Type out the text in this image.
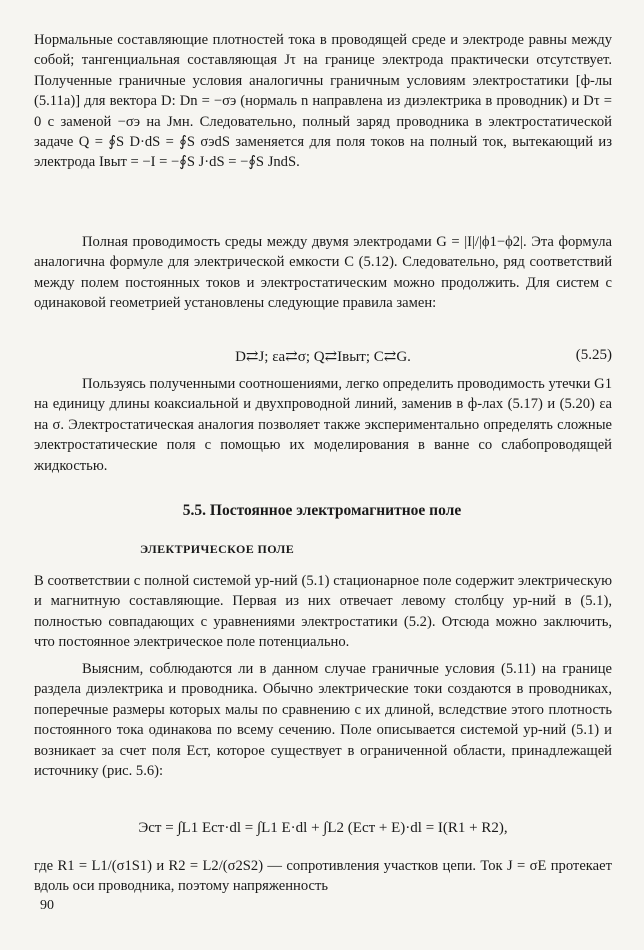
Нормальные составляющие плотностей тока в проводящей среде и электроде равны между собой; тангенциальная составляющая Jτ на границе электрода практически отсутствует. Полученные граничные условия аналогичны граничным условиям электростатики [ф-лы (5.11а)] для вектора D: Dn = −σэ (нормаль n направлена из диэлектрика в проводник) и Dτ = 0 с заменой −σэ на Jмн. Следовательно, полный заряд проводника в электростатической задаче Q = ∮S D·dS = ∮S σэdS заменяется для поля токов на полный ток, вытекающий из электрода Iвыт = −I = −∮S J·dS = −∮S JndS.

Полная проводимость среды между двумя электродами G = |I|/|ϕ1−ϕ2|. Эта формула аналогична формуле для электрической емкости C (5.12). Следовательно, ряд соответствий между полем постоянных токов и электростатическим можно продолжить. Для систем с одинаковой геометрией установлены следующие правила замен:

D⇄J; εа⇄σ; Q⇄Iвыт; C⇄G.	(5.25)

Пользуясь полученными соотношениями, легко определить проводимость утечки G1 на единицу длины коаксиальной и двухпроводной линий, заменив в ф-лах (5.17) и (5.20) εа на σ. Электростатическая аналогия позволяет также экспериментально определять сложные электростатические поля с помощью их моделирования в ванне со слабопроводящей жидкостью.

5.5. Постоянное электромагнитное поле
ЭЛЕКТРИЧЕСКОЕ ПОЛЕ

В соответствии с полной системой ур-ний (5.1) стационарное поле содержит электрическую и магнитную составляющие. Первая из них отвечает левому столбцу ур-ний в (5.1), полностью совпадающих с уравнениями электростатики (5.2). Отсюда можно заключить, что постоянное электрическое поле потенциально.

Выясним, соблюдаются ли в данном случае граничные условия (5.11) на границе раздела диэлектрика и проводника. Обычно электрические токи создаются в проводниках, поперечные размеры которых малы по сравнению с их длиной, вследствие этого плотность постоянного тока одинакова по всему сечению. Поле описывается системой ур-ний (5.1) и возникает за счет поля Eст, которое существует в ограниченной области, принадлежащей источнику (рис. 5.6):

Эст = ∫L1 Eст·dl = ∫L1 E·dl + ∫L2 (Eст + E)·dl = I(R1 + R2),

где R1 = L1/(σ1S1) и R2 = L2/(σ2S2) — сопротивления участков цепи. Ток J = σE протекает вдоль оси проводника, поэтому напряженность

90
